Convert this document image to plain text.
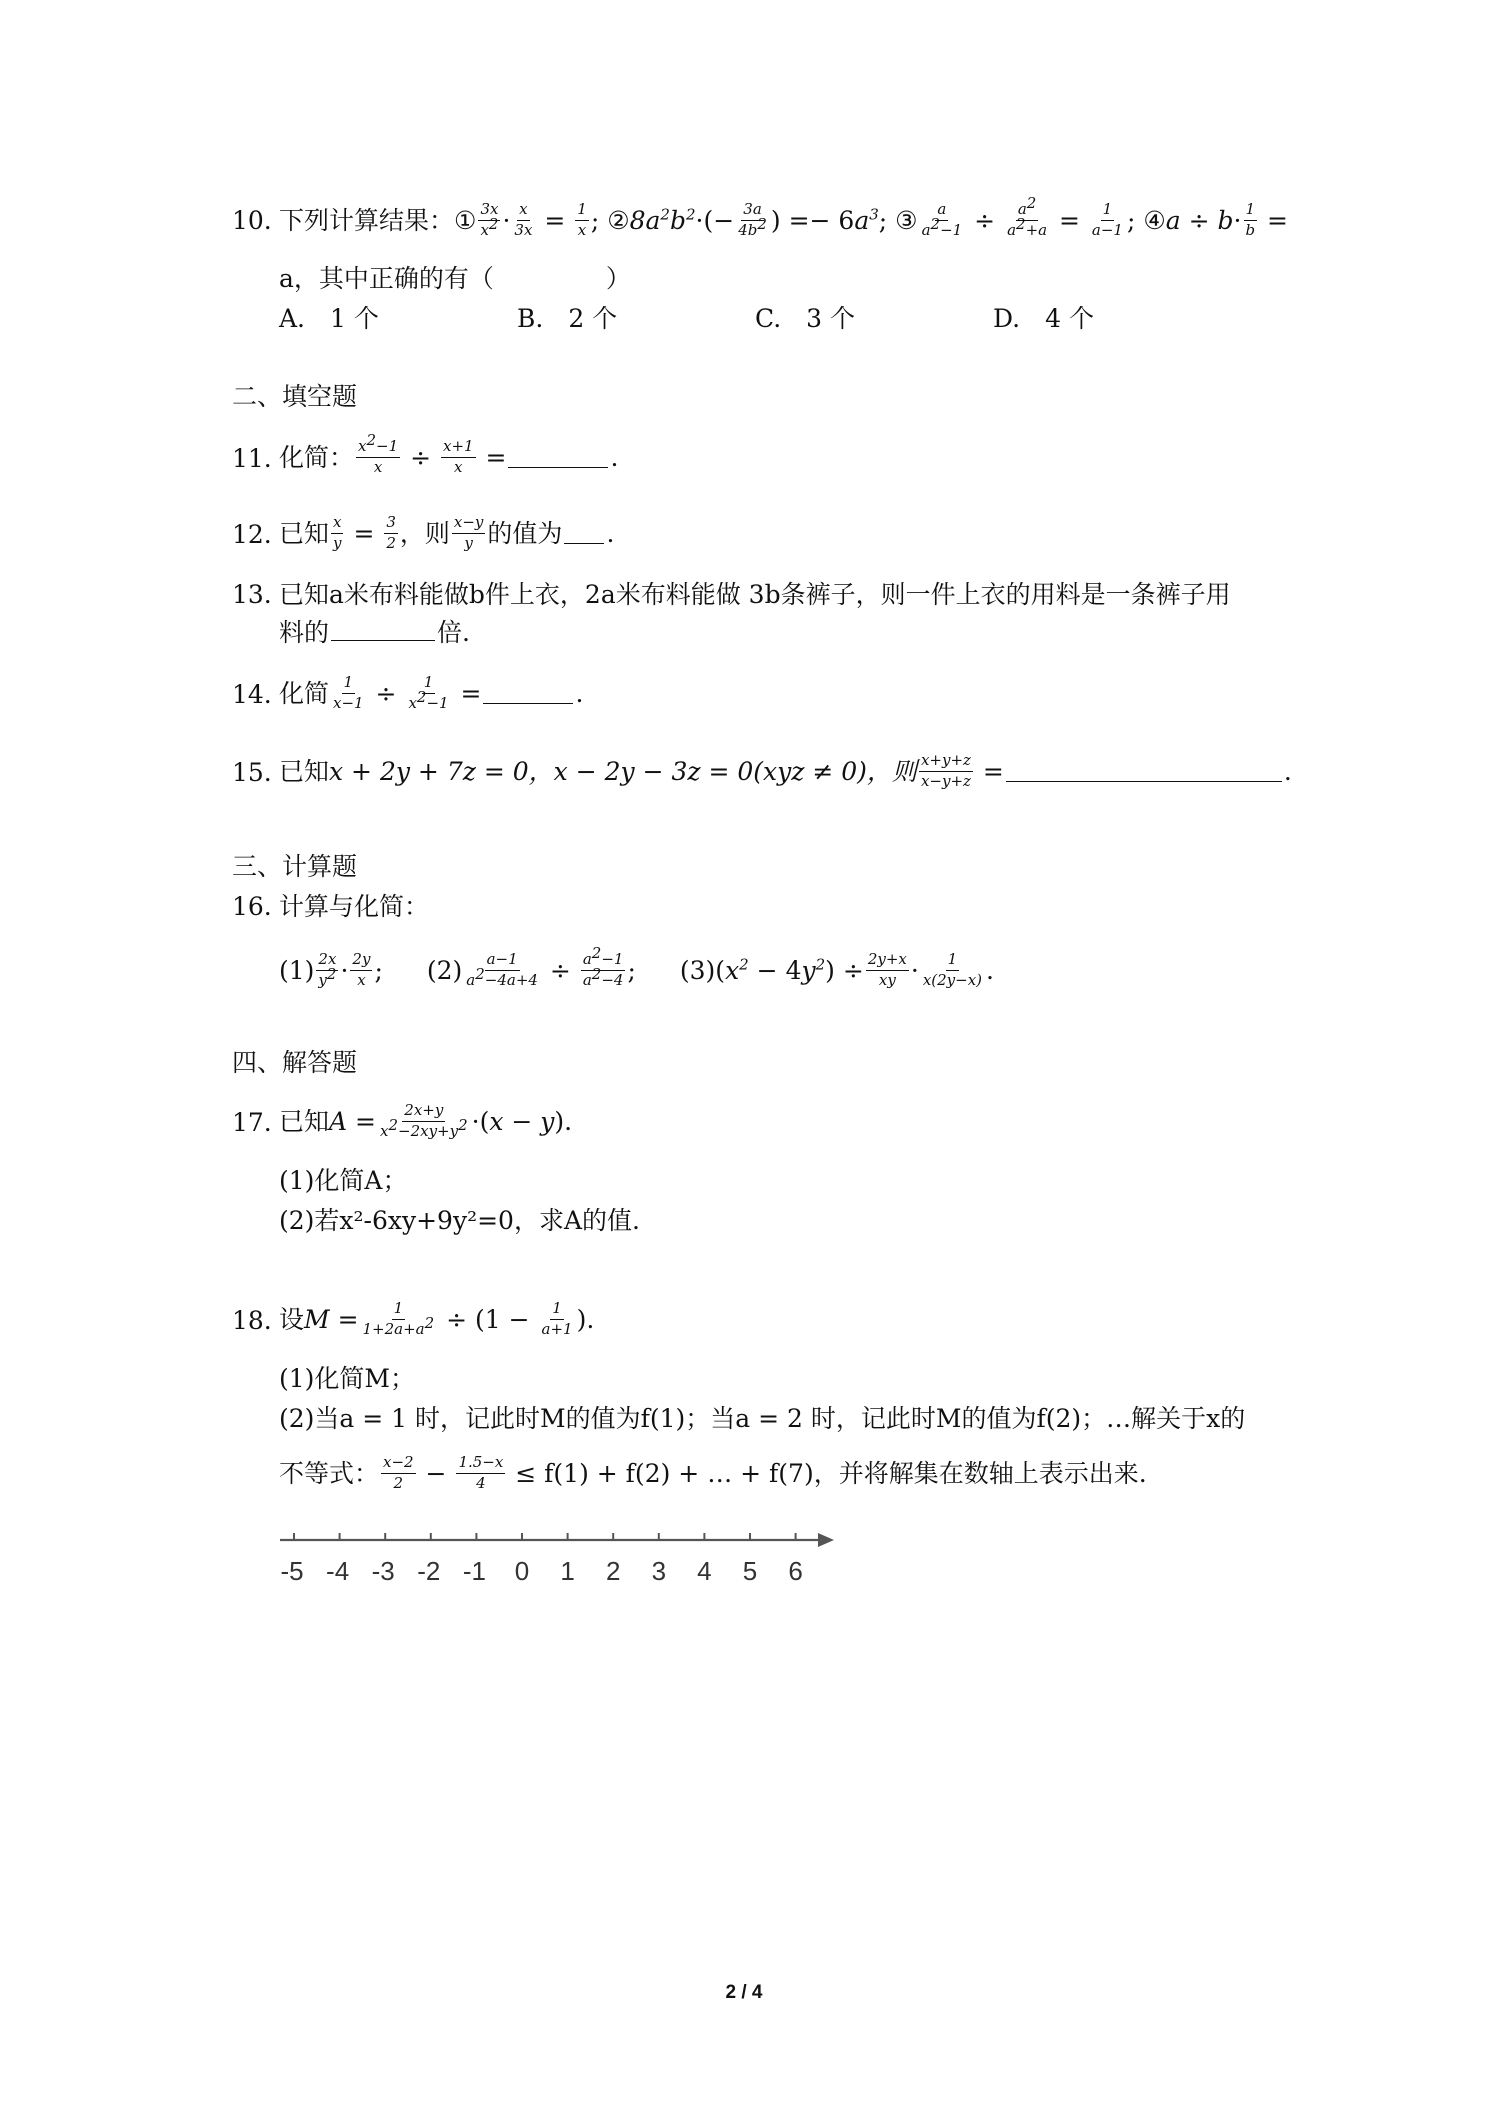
10. 下列计算结果： ① $\frac{3x}{x^2} \cdot \frac{x}{3x} = \frac{1}{x}$ ; ② $8a^2b^2\cdot(- \frac{3a}{4b^2}$ ) =− $6a^3$ ; ③ $\frac{a}{a^2-1} \div \frac{a^2}{a^2+a} = \frac{1}{a-1}$ ; ④ $a \div b\cdot \frac{1}{b}$ =
a，其中正确的有（	）
A.　1 个	B.　2 个	C.　3 个	D.　4 个
二、填空题
11. 化简： $\frac{x^2-1}{x} \div \frac{x+1}{x}$ =	.
12. 已知 $\frac{x}{y} = \frac{3}{2}$ ，则 $\frac{x-y}{y}$ 的值为 .
13. 已知a米布料能做b件上衣，2a米布料能做 3b条裤子，则一件上衣的用料是一条裤子用
料的	倍.
14. 化简 $\frac{1}{x-1} \div \frac{1}{x^2-1}$ =	.
15. 已知 x + 2y + 7z = 0，x − 2y − 3z = 0(xyz ≠ 0)，则 $\frac{x+y+z}{x-y+z}$ =	.
三、计算题
16. 计算与化简：
$(1) \frac{2x}{y^2} \cdot \frac{2y}{x}$ ; $(2) \frac{a-1}{a^2-4a+4} \div \frac{a^2-1}{a^2-4}$ ; (3) $(x^2 - 4y^2) \div \frac{2y+x}{xy} \cdot \frac{1}{x(2y-x)}$ .
四、解答题
17. 已知 $A = \frac{2x+y}{x^2-2xy+y^2} \cdot(x - y)$.
(1)化简A；
(2)若x²-6xy+9y²=0，求A的值.
18. 设 $M = \frac{1}{1+2a+a^2} \div (1 - \frac{1}{a+1}$ ).
(1)化简M；
(2)当a = 1 时，记此时M的值为f(1)；当a = 2 时，记此时M的值为f(2)；…解关于x的
不等式： $\frac{x-2}{2} - \frac{1.5-x}{4}$
≤ f(1) + f(2) + … + f(7)，并将解集在数轴上表示出来.
-5 -4 -3 -2 -1 0 1 2 3 4 5 6
2 / 4
